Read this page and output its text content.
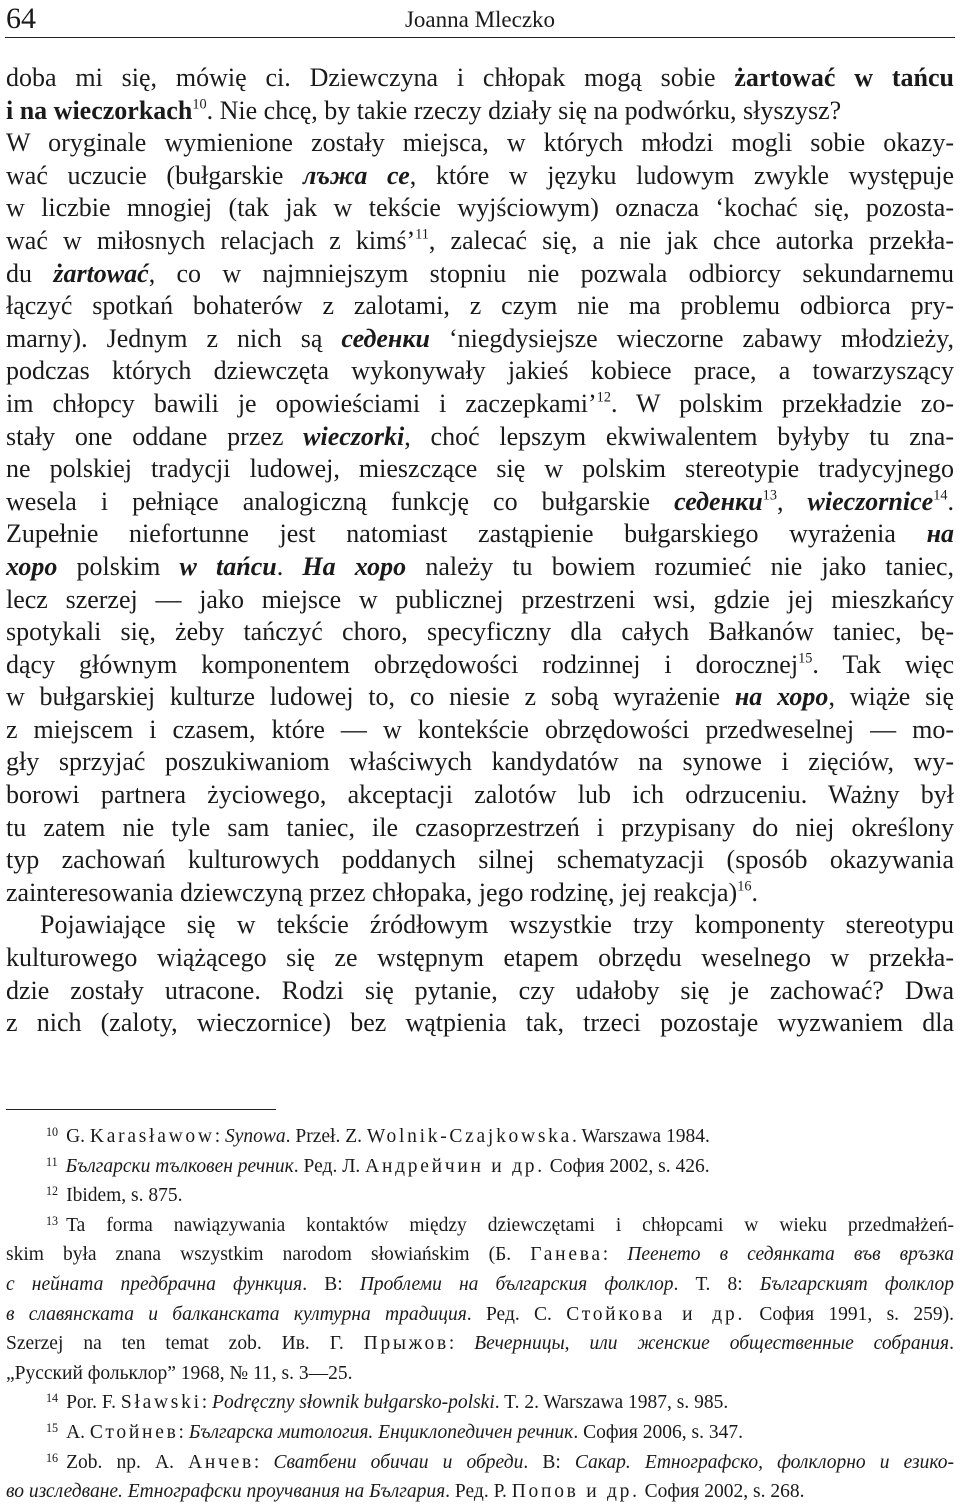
64	Joanna Mleczko
doba mi się, mówię ci. Dziewczyna i chłopak mogą sobie żartować w tańcu
i na wieczorkach$^{10}$. Nie chcę, by takie rzeczy działy się na podwórku, słyszysz?
W oryginale wymienione zostały miejsca, w których młodzi mogli sobie okazy-
wać uczucie (bułgarskie лъжа се, które w języku ludowym zwykle występuje
w liczbie mnogiej (tak jak w tekście wyjściowym) oznacza ‘kochać się, pozosta-
wać w miłosnych relacjach z kimś’$^{11}$, zalecać się, a nie jak chce autorka przekła-
du żartować, co w najmniejszym stopniu nie pozwala odbiorcy sekundarnemu
łączyć spotkań bohaterów z zalotami, z czym nie ma problemu odbiorca pry-
marny). Jednym z nich są седенки ‘niegdysiejsze wieczorne zabawy młodzieży,
podczas których dziewczęta wykonywały jakieś kobiece prace, a towarzyszący
im chłopcy bawili je opowieściami i zaczepkami’$^{12}$. W polskim przekładzie zo-
stały one oddane przez wieczorki, choć lepszym ekwiwalentem byłyby tu zna-
ne polskiej tradycji ludowej, mieszczące się w polskim stereotypie tradycyjnego
wesela i pełniące analogiczną funkcję co bułgarskie седенки$^{13}$, wieczornice$^{14}$.
Zupełnie niefortunne jest natomiast zastąpienie bułgarskiego wyrażenia на
хоро polskim w tańcu. На хоро należy tu bowiem rozumieć nie jako taniec,
lecz szerzej — jako miejsce w publicznej przestrzeni wsi, gdzie jej mieszkańcy
spotykali się, żeby tańczyć choro, specyficzny dla całych Bałkanów taniec, bę-
dący głównym komponentem obrzędowości rodzinnej i dorocznej$^{15}$. Tak więc
w bułgarskiej kulturze ludowej to, co niesie z sobą wyrażenie на хоро, wiąże się
z miejscem i czasem, które — w kontekście obrzędowości przedweselnej — mo-
gły sprzyjać poszukiwaniom właściwych kandydatów na synowe i zięciów, wy-
borowi partnera życiowego, akceptacji zalotów lub ich odrzuceniu. Ważny był
tu zatem nie tyle sam taniec, ile czasoprzestrzeń i przypisany do niej określony
typ zachowań kulturowych poddanych silnej schematyzacji (sposób okazywania
zainteresowania dziewczyną przez chłopaka, jego rodzinę, jej reakcja)$^{16}$.
Pojawiające się w tekście źródłowym wszystkie trzy komponenty stereotypu
kulturowego wiążącego się ze wstępnym etapem obrzędu weselnego w przekła-
dzie zostały utracone. Rodzi się pytanie, czy udałoby się je zachować? Dwa
z nich (zaloty, wieczornice) bez wątpienia tak, trzeci pozostaje wyzwaniem dla
$^{10}$ G. Karasławow: Synowa. Przeł. Z. Wolnik-Czajkowska. Warszawa 1984.
$^{11}$ Български тълковен речник. Ред. Л. Андрейчин и др. София 2002, s. 426.
$^{12}$ Ibidem, s. 875.
$^{13}$ Ta forma nawiązywania kontaktów między dziewczętami i chłopcami w wieku przedmałżeń-
skim była znana wszystkim narodom słowiańskim (Б. Ганева: Пеенето в седянката във връзка
с нейната предбрачна функция. В: Проблеми на българския фолклор. Т. 8: Българският фолклор
в славянската и балканската културна традиция. Ред. С. Стойкова и др. София 1991, s. 259).
Szerzej na ten temat zob. Ив. Г. Прыжов: Вечерницы, или женские общественные собрания.
„Русский фольклор” 1968, № 11, s. 3—25.
$^{14}$ Por. F. Sławski: Podręczny słownik bułgarsko-polski. T. 2. Warszawa 1987, s. 985.
$^{15}$ А. Стойнев: Българска митология. Енциклопедичен речник. София 2006, s. 347.
$^{16}$ Zob. np. А. Анчев: Сватбени обичаи и обреди. В: Сакар. Етнографско, фолклорно и езико-
во изследване. Етнографски проучвания на България. Ред. Р. Попов и др. София 2002, s. 268.
